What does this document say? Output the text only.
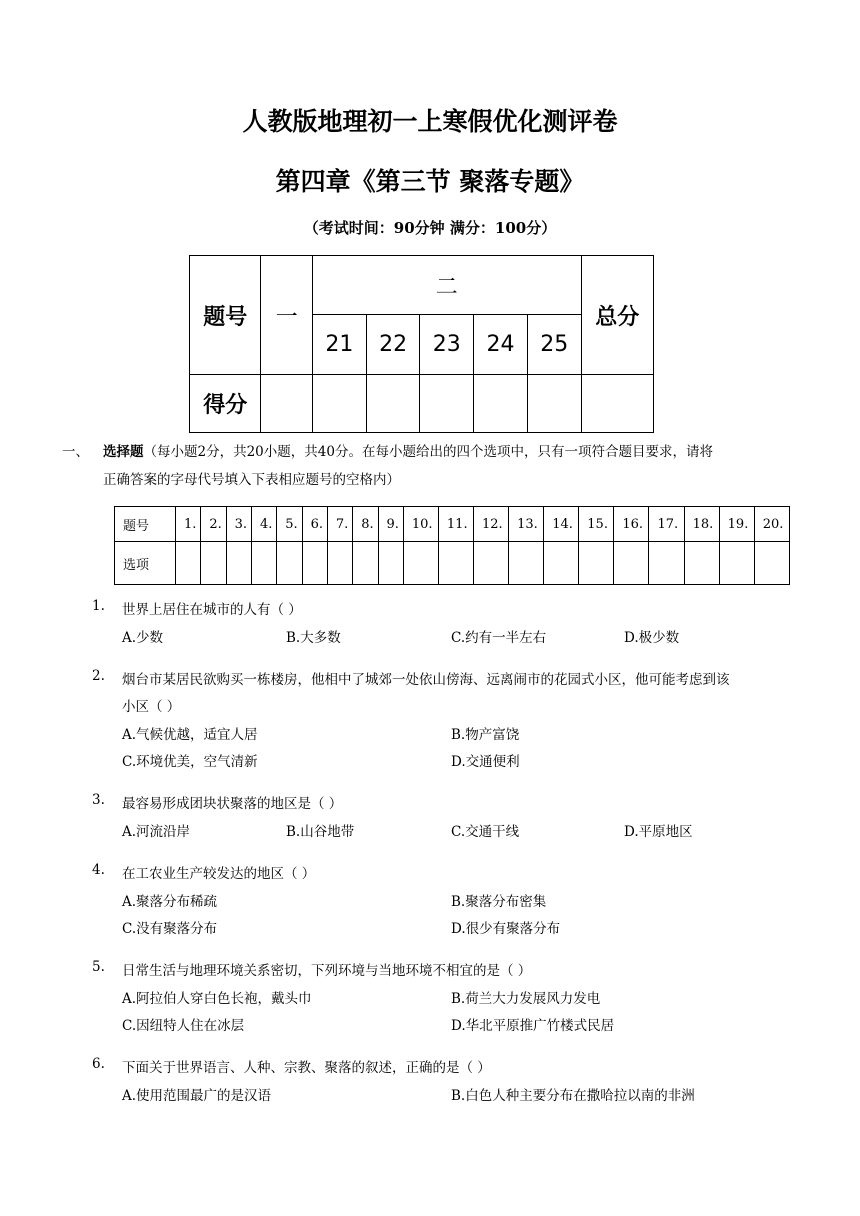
人教版地理初一上寒假优化测评卷
第四章《第三节 聚落专题》
（考试时间：90分钟 满分：100分）
题号	一	二					总分
		21	22	23	24	25	
得分							
一、 选择题（每小题2分，共20小题，共40分。在每小题给出的四个选项中，只有一项符合题目要求，请将
正确答案的字母代号填入下表相应题号的空格内）
题号	1.	2.	3.	4.	5.	6.	7.	8.	9.	10.	11.	12.	13.	14.	15.	16.	17.	18.	19.	20.
选项																				
1. 世界上居住在城市的人有（ ）
A.少数	B.大多数	C.约有一半左右	D.极少数
2. 烟台市某居民欲购买一栋楼房，他相中了城郊一处依山傍海、远离闹市的花园式小区，他可能考虑到该
小区（ ）
A.气候优越，适宜人居	B.物产富饶
C.环境优美，空气清新	D.交通便利
3. 最容易形成团块状聚落的地区是（ ）
A.河流沿岸	B.山谷地带	C.交通干线	D.平原地区
4. 在工农业生产较发达的地区（ ）
A.聚落分布稀疏	B.聚落分布密集
C.没有聚落分布	D.很少有聚落分布
5. 日常生活与地理环境关系密切，下列环境与当地环境不相宜的是（ ）
A.阿拉伯人穿白色长袍，戴头巾	B.荷兰大力发展风力发电
C.因纽特人住在冰层	D.华北平原推广竹楼式民居
6. 下面关于世界语言、人种、宗教、聚落的叙述，正确的是（ ）
A.使用范围最广的是汉语	B.白色人种主要分布在撒哈拉以南的非洲
